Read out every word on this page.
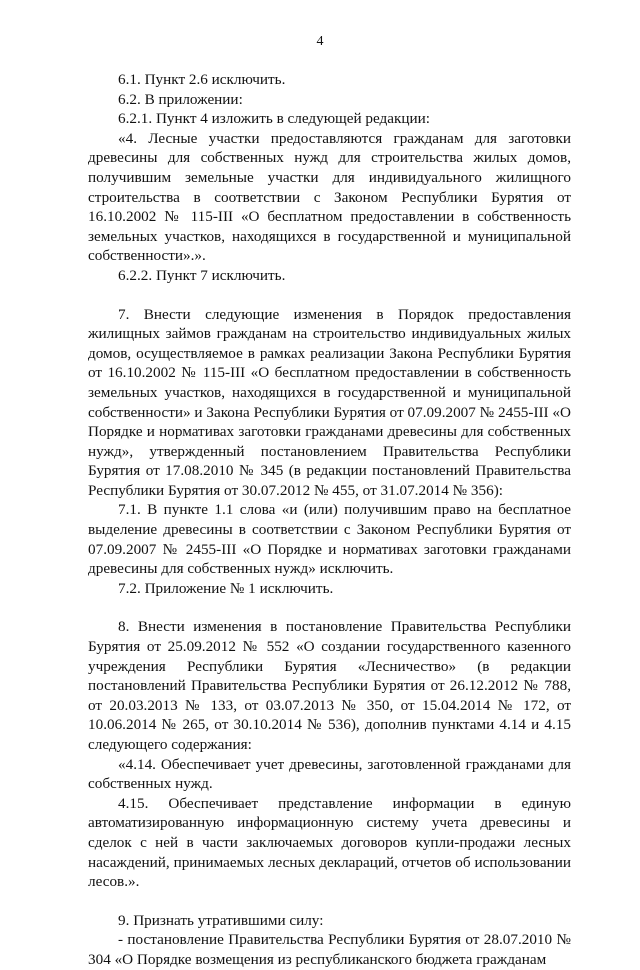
4

6.1. Пункт 2.6 исключить.

6.2. В приложении:

6.2.1. Пункт 4 изложить в следующей редакции:

«4. Лесные участки предоставляются гражданам для заготовки древесины для собственных нужд для строительства жилых домов, получившим земельные участки для индивидуального жилищного строительства в соответствии с Законом Республики Бурятия от 16.10.2002 № 115-III «О бесплатном предоставлении в собственность земельных участков, находящихся в государственной и муниципальной собственности».».

6.2.2. Пункт 7 исключить.

7. Внести следующие изменения в Порядок предоставления жилищных займов гражданам на строительство индивидуальных жилых домов, осуществляемое в рамках реализации Закона Республики Бурятия от 16.10.2002 № 115-III «О бесплатном предоставлении в собственность земельных участков, находящихся в государственной и муниципальной собственности» и Закона Республики Бурятия от 07.09.2007 № 2455-III «О Порядке и нормативах заготовки гражданами древесины для собственных нужд», утвержденный постановлением Правительства Республики Бурятия от 17.08.2010 № 345 (в редакции постановлений Правительства Республики Бурятия от 30.07.2012 № 455, от 31.07.2014 № 356):

7.1. В пункте 1.1 слова «и (или) получившим право на бесплатное выделение древесины в соответствии с Законом Республики Бурятия от 07.09.2007 № 2455-III «О Порядке и нормативах заготовки гражданами древесины для собственных нужд» исключить.

7.2. Приложение № 1 исключить.

8. Внести изменения в постановление Правительства Республики Бурятия от 25.09.2012 № 552 «О создании государственного казенного учреждения Республики Бурятия «Лесничество» (в редакции постановлений Правительства Республики Бурятия от 26.12.2012 № 788, от 20.03.2013 № 133, от 03.07.2013 № 350, от 15.04.2014 № 172, от 10.06.2014 № 265, от 30.10.2014 № 536), дополнив пунктами 4.14 и 4.15 следующего содержания:

«4.14. Обеспечивает учет древесины, заготовленной гражданами для собственных нужд.

4.15. Обеспечивает представление информации в единую автоматизированную информационную систему учета древесины и сделок с ней в части заключаемых договоров купли-продажи лесных насаждений, принимаемых лесных деклараций, отчетов об использовании лесов.».

9. Признать утратившими силу:

- постановление Правительства Республики Бурятия от 28.07.2010 № 304 «О Порядке возмещения из республиканского бюджета гражданам
